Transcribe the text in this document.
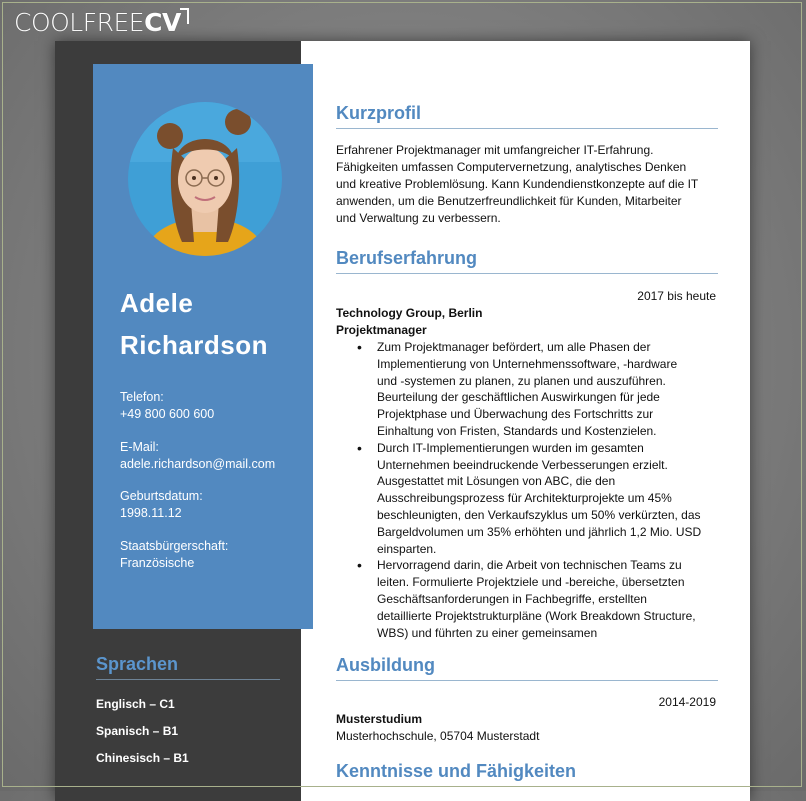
COOLFREECV
Adele
Richardson
Telefon:
+49 800 600 600
E-Mail:
adele.richardson@mail.com
Geburtsdatum:
1998.11.12
Staatsbürgerschaft:
Französische
Sprachen
Englisch – C1
Spanisch – B1
Chinesisch – B1
Kurzprofil
Erfahrener Projektmanager mit umfangreicher IT-Erfahrung.
Fähigkeiten umfassen Computervernetzung, analytisches Denken
und kreative Problemlösung. Kann Kundendienstkonzepte auf die IT
anwenden, um die Benutzerfreundlichkeit für Kunden, Mitarbeiter
und Verwaltung zu verbessern.
Berufserfahrung
2017 bis heute
Technology Group, Berlin
Projektmanager
• Zum Projektmanager befördert, um alle Phasen der
Implementierung von Unternehmenssoftware, -hardware
und -systemen zu planen, zu planen und auszuführen.
Beurteilung der geschäftlichen Auswirkungen für jede
Projektphase und Überwachung des Fortschritts zur
Einhaltung von Fristen, Standards und Kostenzielen.
• Durch IT-Implementierungen wurden im gesamten
Unternehmen beeindruckende Verbesserungen erzielt.
Ausgestattet mit Lösungen von ABC, die den
Ausschreibungsprozess für Architekturprojekte um 45%
beschleunigten, den Verkaufszyklus um 50% verkürzten, das
Bargeldvolumen um 35% erhöhten und jährlich 1,2 Mio. USD
einsparten.
• Hervorragend darin, die Arbeit von technischen Teams zu
leiten. Formulierte Projektziele und -bereiche, übersetzten
Geschäftsanforderungen in Fachbegriffe, erstellten
detaillierte Projektstrukturpläne (Work Breakdown Structure,
WBS) und führten zu einer gemeinsamen
Ausbildung
2014-2019
Musterstudium
Musterhochschule, 05704 Musterstadt
Kenntnisse und Fähigkeiten
